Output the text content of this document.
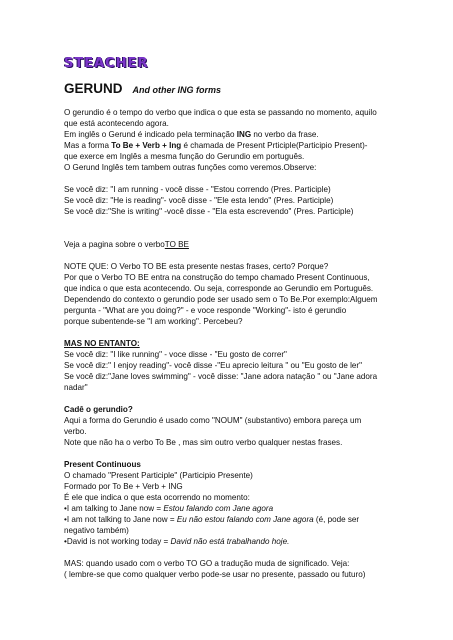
STEACHER
GERUND And other ING forms

O gerundio é o tempo do verbo que indica o que esta se passando no momento, aquilo

que está acontecendo agora.

Em inglês o Gerund é indicado pela terminação ING no verbo da frase.

Mas a forma To Be + Verb + Ing é chamada de Present Prticiple(Participio Present)-

que exerce em Inglês a mesma função do Gerundio em português.

O Gerund Inglês tem tambem outras funções como veremos.Observe:

Se você diz: "I am running - você disse - "Estou correndo (Pres. Participle)

Se você diz: "He is reading"- você disse - "Ele esta lendo" (Pres. Participle)

Se você diz:"She is writing" -você disse - "Ela esta escrevendo" (Pres. Participle)

Veja a pagina sobre o verboTO BE

NOTE QUE: O Verbo TO BE esta presente nestas frases, certo? Porque?

Por que o Verbo TO BE entra na construção do tempo chamado Present Continuous,

que indica o que esta acontecendo. Ou seja, corresponde ao Gerundio em Português.

Dependendo do contexto o gerundio pode ser usado sem o To Be.Por exemplo:Alguem

pergunta - "What are you doing?" - e voce responde "Working"- isto é gerundio

porque subentende-se "I am working". Percebeu?

MAS NO ENTANTO:

Se você diz: "I like running" - voce disse - "Eu gosto de correr"

Se você diz:" I enjoy reading"- você disse -"Eu aprecio leitura " ou "Eu gosto de ler"

Se você diz:"Jane loves swimming" - você disse: "Jane adora natação " ou "Jane adora

nadar"

Cadê o gerundio?

Aqui a forma do Gerundio é usado como "NOUM" (substantivo) embora pareça um

verbo.

Note que não ha o verbo To Be , mas sim outro verbo qualquer nestas frases.

Present Continuous

O chamado "Present Participle" (Participio Presente)

Formado por To Be + Verb + ING

É ele que indica o que esta ocorrendo no momento:

•I am talking to Jane now = Estou falando com Jane agora

•I am not talking to Jane now = Eu não estou falando com Jane agora (é, pode ser

negativo também)

•David is not working today = David não está trabalhando hoje.

MAS: quando usado com o verbo TO GO a tradução muda de significado. Veja:

( lembre-se que como qualquer verbo pode-se usar no presente, passado ou futuro)
